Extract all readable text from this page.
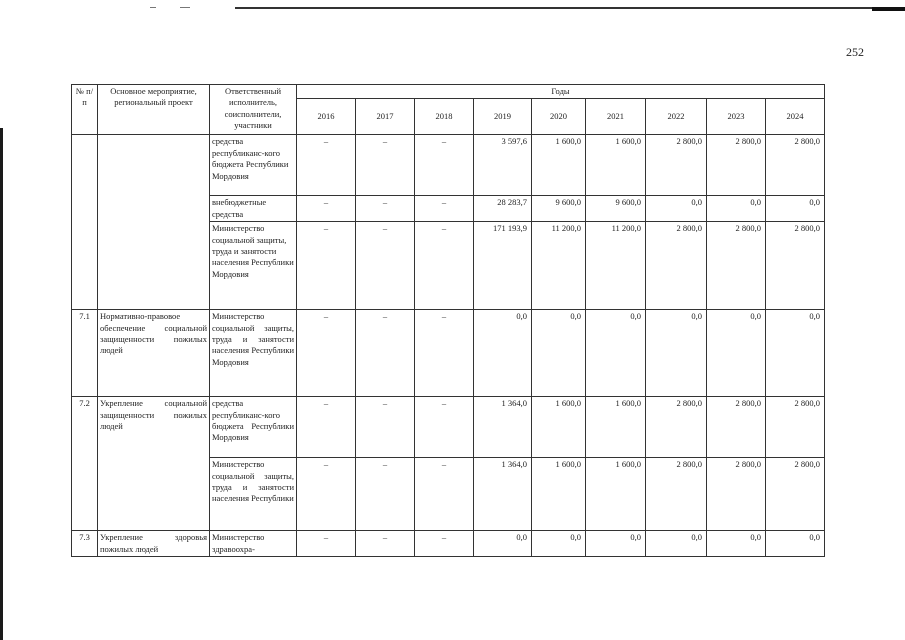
252
№ п/п	Основное мероприятие, региональный проект	Ответственный исполнитель, соисполнители, участники	Годы								
			2016	2017	2018	2019	2020	2021	2022	2023	2024
		средства республиканс-кого бюджета Республики Мордовия	–	–	–	3 597,6	1 600,0	1 600,0	2 800,0	2 800,0	2 800,0
		внебюджетные средства	–	–	–	28 283,7	9 600,0	9 600,0	0,0	0,0	0,0
		Министерство социальной защиты, труда и занятости населения Республики Мордовия	–	–	–	171 193,9	11 200,0	11 200,0	2 800,0	2 800,0	2 800,0
7.1	Нормативно-правовое обеспечение социальной защищенности пожилых людей	Министерство социальной защиты, труда и занятости населения Республики Мордовия	–	–	–	0,0	0,0	0,0	0,0	0,0	0,0
7.2	Укрепление социальной защищенности пожилых людей	средства республиканс-кого бюджета Республики Мордовия	–	–	–	1 364,0	1 600,0	1 600,0	2 800,0	2 800,0	2 800,0
		Министерство социальной защиты, труда и занятости населения Республики	–	–	–	1 364,0	1 600,0	1 600,0	2 800,0	2 800,0	2 800,0
7.3	Укрепление здоровья пожилых людей	Министерство здравоохра-	–	–	–	0,0	0,0	0,0	0,0	0,0	0,0
